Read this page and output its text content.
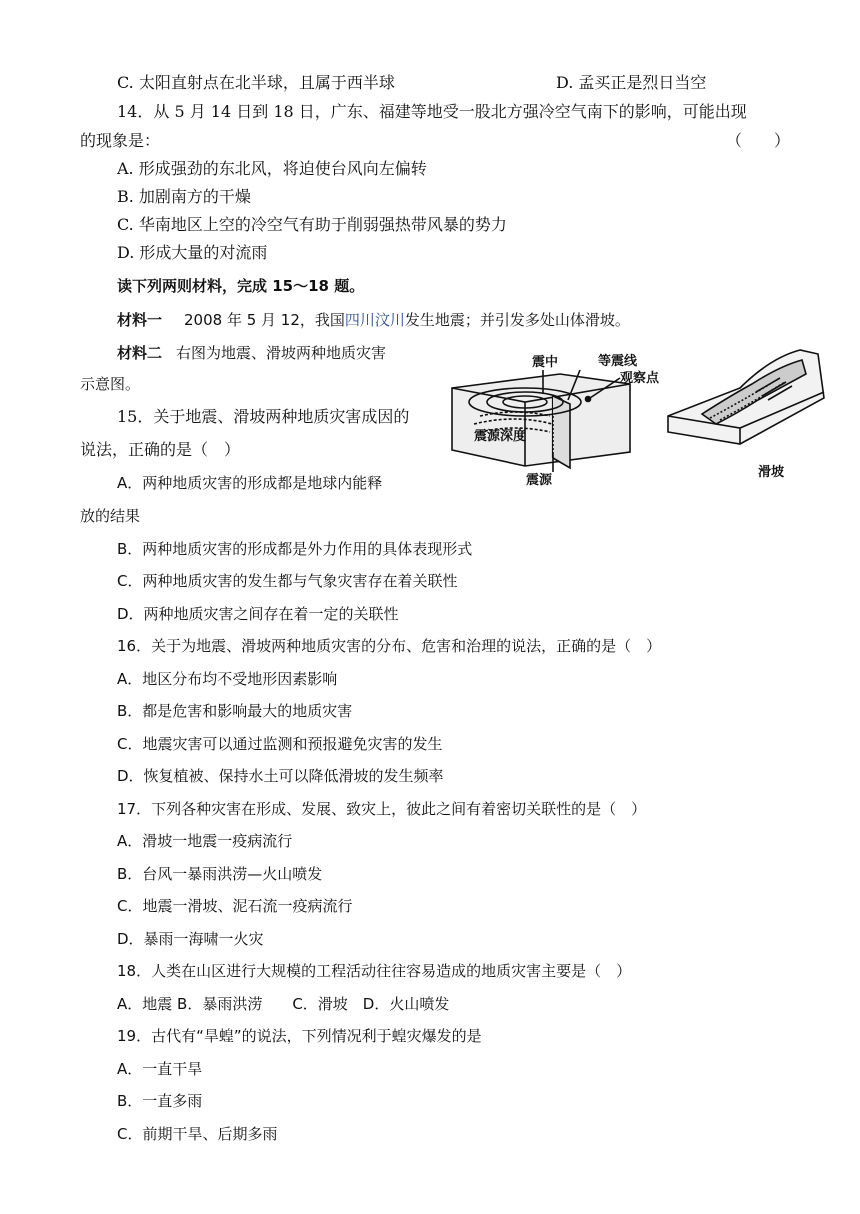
C. 太阳直射点在北半球，且属于西半球	D. 孟买正是烈日当空
14．从 5 月 14 日到 18 日，广东、福建等地受一股北方强冷空气南下的影响，可能出现
的现象是：	（　　）
A. 形成强劲的东北风，将迫使台风向左偏转
B. 加剧南方的干燥
C. 华南地区上空的冷空气有助于削弱强热带风暴的势力
D. 形成大量的对流雨
读下列两则材料，完成 15～18 题。
材料一 2008 年 5 月 12，我国四川汶川发生地震；并引发多处山体滑坡。
材料二 右图为地震、滑坡两种地质灾害
示意图。
震中	等震线
观察点
震源深度
震源
滑坡
15．关于地震、滑坡两种地质灾害成因的
说法，正确的是（　）
A．两种地质灾害的形成都是地球内能释
放的结果
B．两种地质灾害的形成都是外力作用的具体表现形式
C．两种地质灾害的发生都与气象灾害存在着关联性
D．两种地质灾害之间存在着一定的关联性
16．关于为地震、滑坡两种地质灾害的分布、危害和治理的说法，正确的是（　）
A．地区分布均不受地形因素影响
B．都是危害和影响最大的地质灾害
C．地震灾害可以通过监测和预报避免灾害的发生
D．恢复植被、保持水土可以降低滑坡的发生频率
17．下列各种灾害在形成、发展、致灾上，彼此之间有着密切关联性的是（　）
A．滑坡一地震一疫病流行
B．台风一暴雨洪涝—火山喷发
C．地震一滑坡、泥石流一疫病流行
D．暴雨一海啸一火灾
18．人类在山区进行大规模的工程活动往往容易造成的地质灾害主要是（　）
A．地震 B．暴雨洪涝　　C．滑坡　D．火山喷发
19．古代有“旱蝗”的说法，下列情况利于蝗灾爆发的是
A．一直干旱
B．一直多雨
C．前期干旱、后期多雨
